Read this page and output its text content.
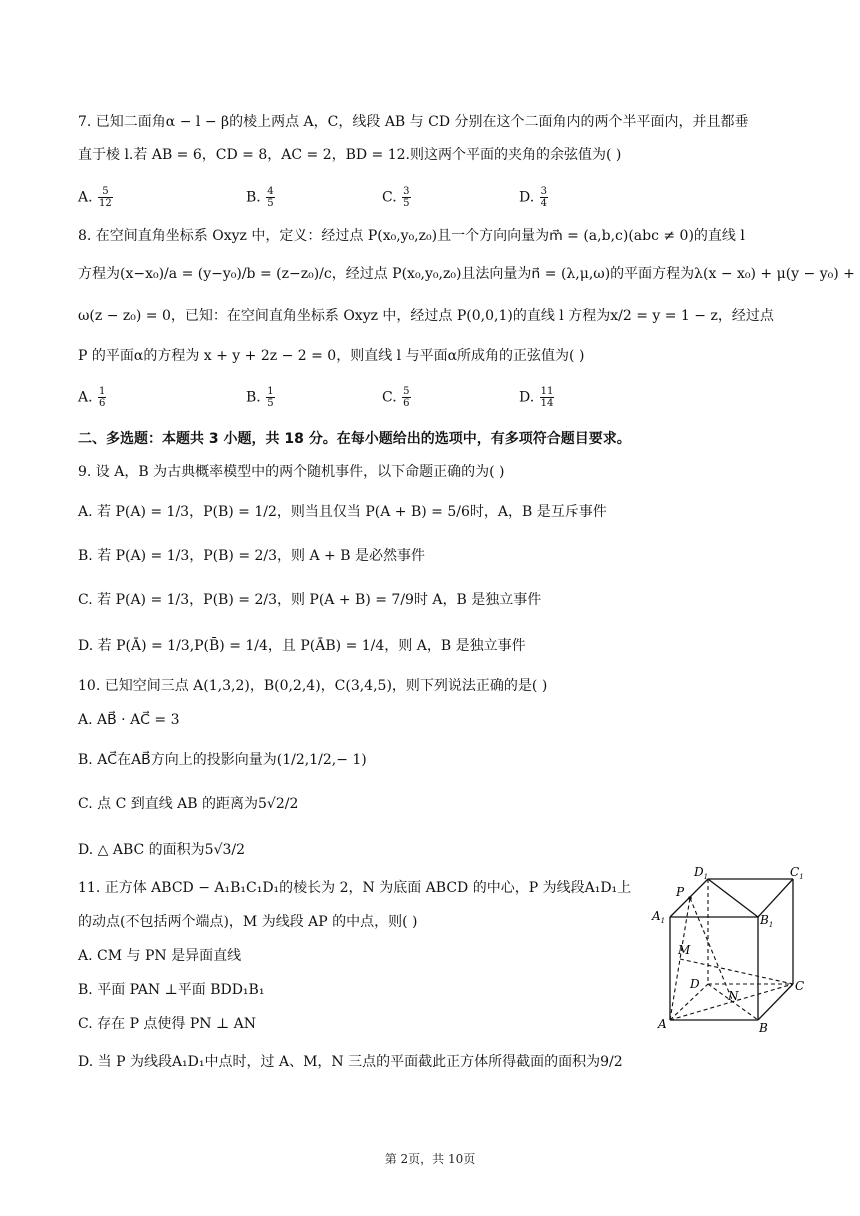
7. 已知二面角α − l − β的棱上两点 A，C，线段 AB 与 CD 分别在这个二面角内的两个半平面内，并且都垂
直于棱 l.若 AB = 6，CD = 8，AC = 2，BD = 12.则这两个平面的夹角的余弦值为( )
A. $\frac{5}{12}$	B. $\frac{4}{5}$	C. $\frac{3}{5}$	D. $\frac{3}{4}$
8. 在空间直角坐标系 Oxyz 中，定义：经过点 P(x₀,y₀,z₀)且一个方向向量为m⃗ = (a,b,c)(abc ≠ 0)的直线 l
方程为(x−x₀)/a = (y−y₀)/b = (z−z₀)/c，经过点 P(x₀,y₀,z₀)且法向量为n⃗ = (λ,μ,ω)的平面方程为λ(x − x₀) + μ(y − y₀) +
ω(z − z₀) = 0，已知：在空间直角坐标系 Oxyz 中，经过点 P(0,0,1)的直线 l 方程为x/2 = y = 1 − z，经过点
P 的平面α的方程为 x + y + 2z − 2 = 0，则直线 l 与平面α所成角的正弦值为( )
A. $\frac{1}{6}$	B. $\frac{1}{5}$	C. $\frac{5}{6}$	D. $\frac{11}{14}$
二、多选题：本题共 3 小题，共 18 分。在每小题给出的选项中，有多项符合题目要求。
9. 设 A，B 为古典概率模型中的两个随机事件，以下命题正确的为( )
A. 若 P(A) = 1/3，P(B) = 1/2，则当且仅当 P(A + B) = 5/6时，A，B 是互斥事件
B. 若 P(A) = 1/3，P(B) = 2/3，则 A + B 是必然事件
C. 若 P(A) = 1/3，P(B) = 2/3，则 P(A + B) = 7/9时 A，B 是独立事件
D. 若 P(Ā) = 1/3,P(B̄) = 1/4，且 P(ĀB) = 1/4，则 A，B 是独立事件
10. 已知空间三点 A(1,3,2)，B(0,2,4)，C(3,4,5)，则下列说法正确的是( )
A. AB⃗ · AC⃗ = 3
B. AC⃗在AB⃗方向上的投影向量为(1/2,1/2,− 1)
C. 点 C 到直线 AB 的距离为5√2/2
D. △ ABC 的面积为5√3/2
11. 正方体 ABCD − A₁B₁C₁D₁的棱长为 2，N 为底面 ABCD 的中心，P 为线段A₁D₁上
的动点(不包括两个端点)，M 为线段 AP 的中点，则( )
A. CM 与 PN 是异面直线
B. 平面 PAN ⊥平面 BDD₁B₁
C. 存在 P 点使得 PN ⊥ AN
D. 当 P 为线段A₁D₁中点时，过 A、M，N 三点的平面截此正方体所得截面的面积为9/2
$D_1$	$C_1$
$A_1$	$B_1$
P
M
D
N
C
A	B
第 2页，共 10页
